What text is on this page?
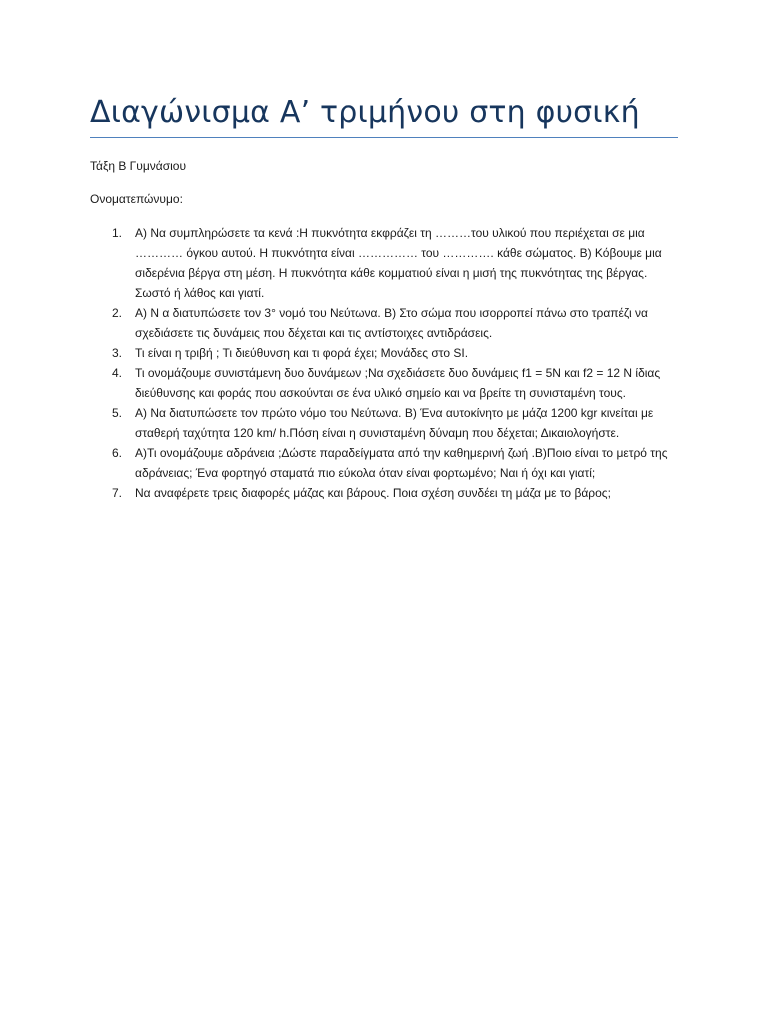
Διαγώνισμα Α’ τριμήνου στη φυσική

Τάξη Β Γυμνάσιου

Ονοματεπώνυμο:

1.	Α) Να συμπληρώσετε τα κενά :Η πυκνότητα εκφράζει τη ………του υλικού που περιέχεται σε μια ………… όγκου αυτού. Η πυκνότητα είναι …………… του …………. κάθε σώματος. Β) Κόβουμε μια σιδερένια βέργα στη μέση. Η πυκνότητα κάθε κομματιού είναι η μισή της πυκνότητας της βέργας. Σωστό ή λάθος και γιατί.
2.	Α) Ν α διατυπώσετε τον 3° νομό του Νεύτωνα. Β) Στο σώμα που ισορροπεί πάνω στο τραπέζι να σχεδιάσετε τις δυνάμεις που δέχεται και τις αντίστοιχες αντιδράσεις.
3.	Τι είναι η τριβή ; Τι διεύθυνση και τι φορά έχει; Μονάδες στο SI.
4.	Τι ονομάζουμε συνιστάμενη δυο δυνάμεων ;Να σχεδιάσετε δυο δυνάμεις f1 = 5N και f2 = 12 N ίδιας διεύθυνσης και φοράς που ασκούνται σε ένα υλικό σημείο και να βρείτε τη συνισταμένη τους.
5.	Α) Να διατυπώσετε τον πρώτο νόμο του Νεύτωνα. Β) Ένα αυτοκίνητο με μάζα 1200 kgr κινείται με σταθερή ταχύτητα 120 km/ h.Πόση είναι η συνισταμένη δύναμη που δέχεται; Δικαιολογήστε.
6.	Α)Τι ονομάζουμε αδράνεια ;Δώστε παραδείγματα από την καθημερινή ζωή .Β)Ποιο είναι το μετρό της αδράνειας; Ένα φορτηγό σταματά πιο εύκολα όταν είναι φορτωμένο; Ναι ή όχι και γιατί;
7.	Να αναφέρετε τρεις διαφορές μάζας και βάρους. Ποια σχέση συνδέει τη μάζα με το βάρος;
